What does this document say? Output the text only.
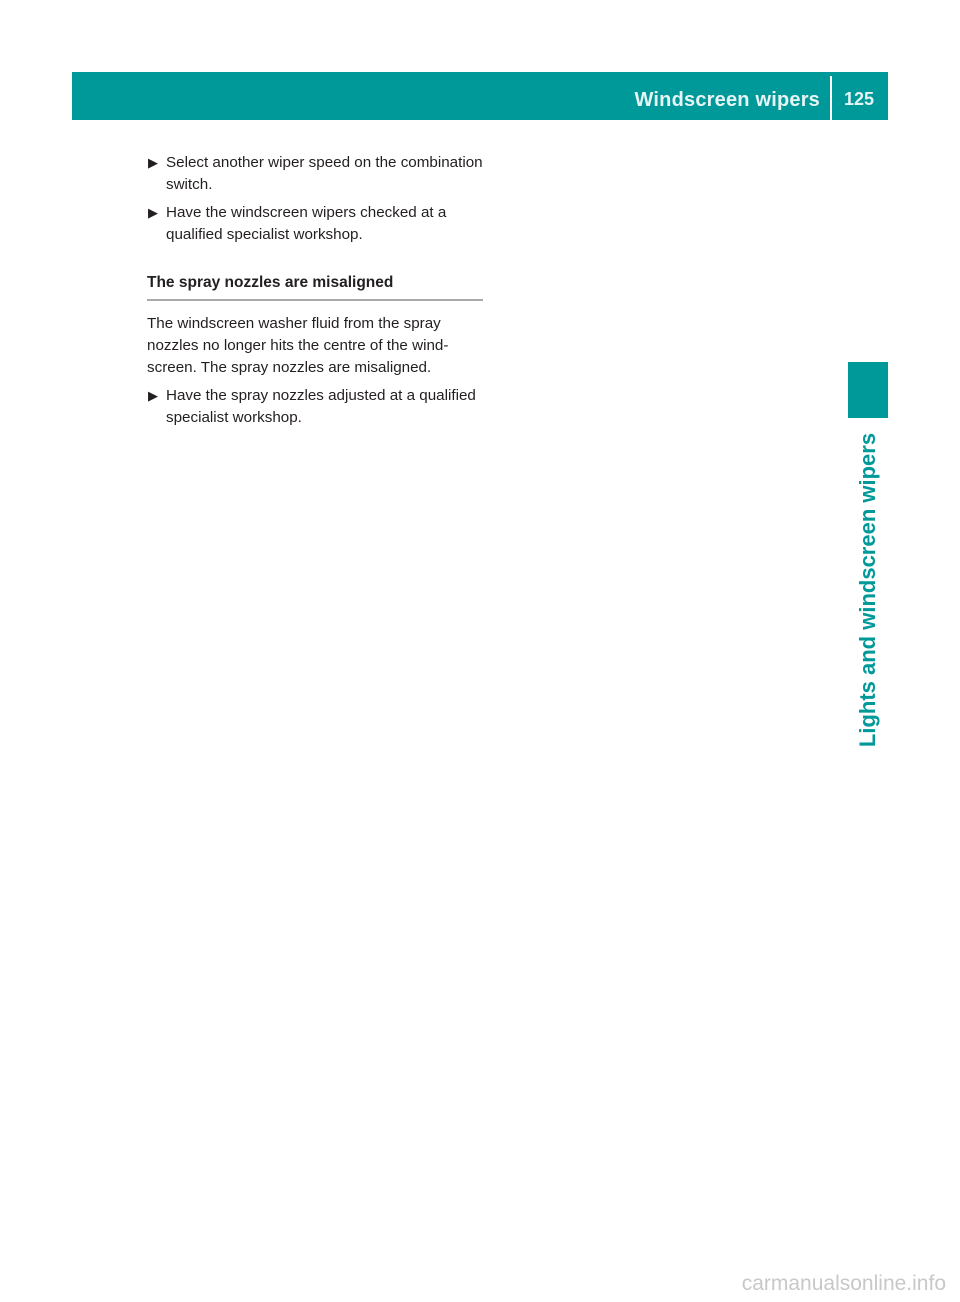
Windscreen wipers 125
Lights and windscreen wipers
▶ Select another wiper speed on the combination switch.
▶ Have the windscreen wipers checked at a qualified specialist workshop.
The spray nozzles are misaligned
The windscreen washer fluid from the spray nozzles no longer hits the centre of the windscreen. The spray nozzles are misaligned.
▶ Have the spray nozzles adjusted at a qualified specialist workshop.
carmanualsonline.info
